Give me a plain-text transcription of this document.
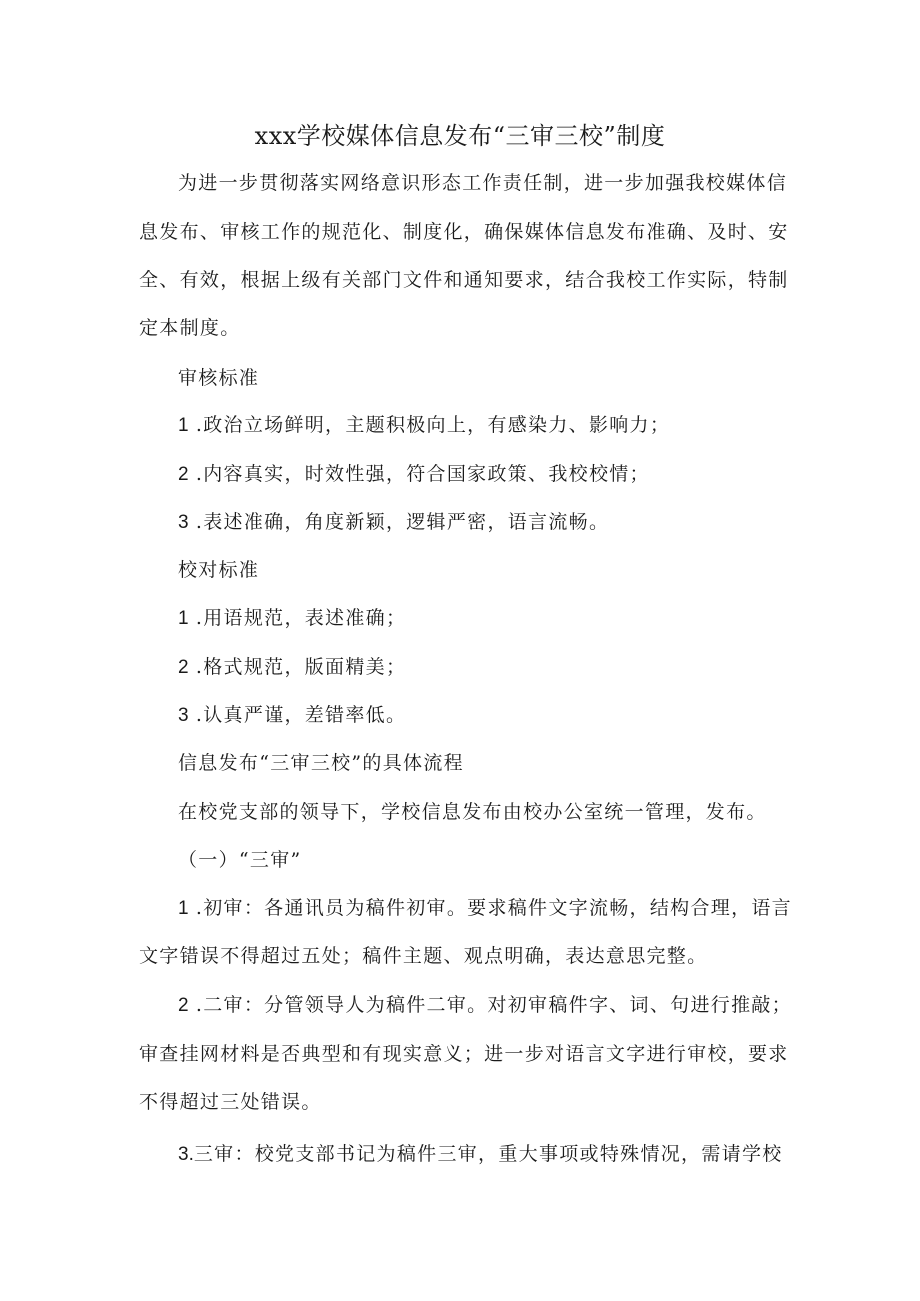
xxx学校媒体信息发布“三审三校”制度
为进一步贯彻落实网络意识形态工作责任制，进一步加强我校媒体信
息发布、审核工作的规范化、制度化，确保媒体信息发布准确、及时、安
全、有效，根据上级有关部门文件和通知要求，结合我校工作实际，特制
定本制度。
审核标准
1 .政治立场鲜明，主题积极向上，有感染力、影响力；
2 .内容真实，时效性强，符合国家政策、我校校情；
3 .表述准确，角度新颖，逻辑严密，语言流畅。
校对标准
1 .用语规范，表述准确；
2 .格式规范，版面精美；
3 .认真严谨，差错率低。
信息发布“三审三校”的具体流程
在校党支部的领导下，学校信息发布由校办公室统一管理，发布。
（一）“三审”
1 .初审：各通讯员为稿件初审。要求稿件文字流畅，结构合理，语言
文字错误不得超过五处；稿件主题、观点明确，表达意思完整。
2 .二审：分管领导人为稿件二审。对初审稿件字、词、句进行推敲；
审查挂网材料是否典型和有现实意义；进一步对语言文字进行审校，要求
不得超过三处错误。
3.三审：校党支部书记为稿件三审，重大事项或特殊情况，需请学校
